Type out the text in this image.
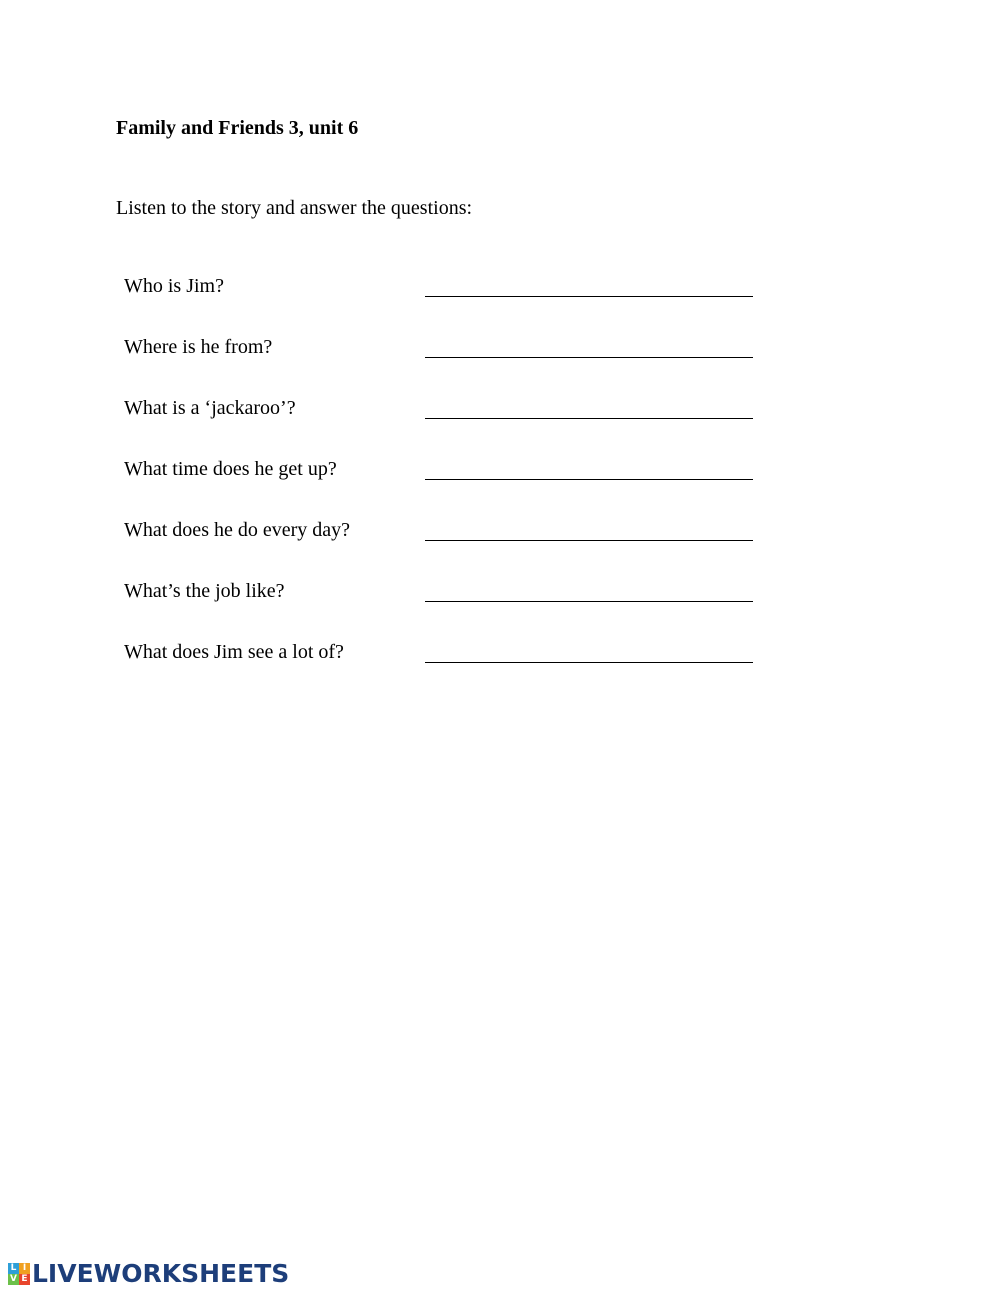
Family and Friends 3, unit 6
Listen to the story and answer the questions:
Who is Jim?
Where is he from?
What is a ‘jackaroo’?
What time does he get up?
What does he do every day?
What’s the job like?
What does Jim see a lot of?
L I
V E LIVEWORKSHEETS
